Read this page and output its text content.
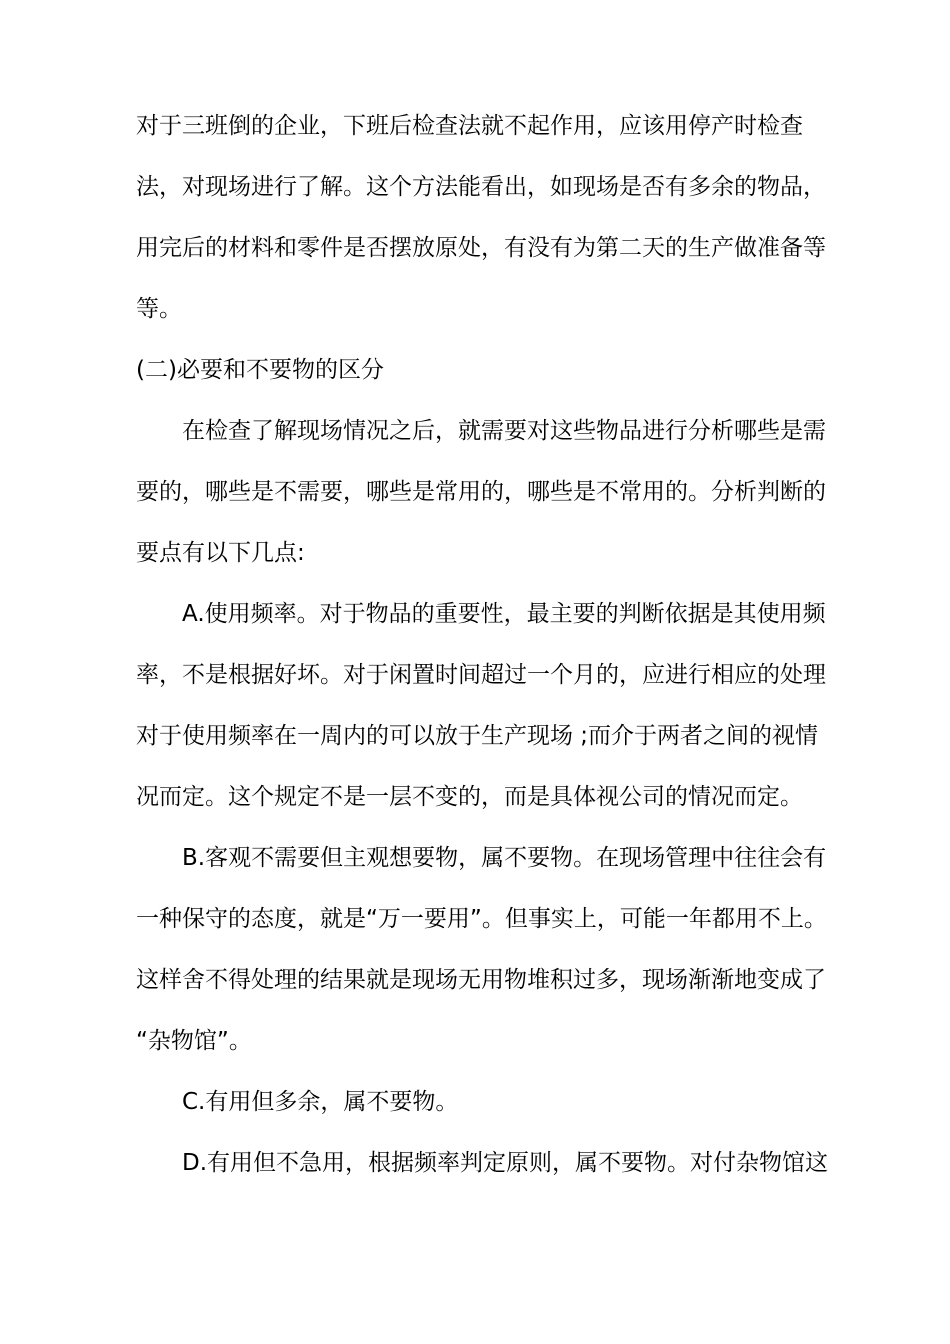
对于三班倒的企业，下班后检查法就不起作用，应该用停产时检查
法，对现场进行了解。这个方法能看出，如现场是否有多余的物品，
用完后的材料和零件是否摆放原处，有没有为第二天的生产做准备等
等。
(二)必要和不要物的区分
在检查了解现场情况之后，就需要对这些物品进行分析哪些是需
要的，哪些是不需要，哪些是常用的，哪些是不常用的。分析判断的
要点有以下几点:
A.使用频率。对于物品的重要性，最主要的判断依据是其使用频
率，不是根据好坏。对于闲置时间超过一个月的，应进行相应的处理
对于使用频率在一周内的可以放于生产现场 ;而介于两者之间的视情
况而定。这个规定不是一层不变的，而是具体视公司的情况而定。
B.客观不需要但主观想要物，属不要物。在现场管理中往往会有
一种保守的态度，就是“万一要用”。但事实上，可能一年都用不上。
这样舍不得处理的结果就是现场无用物堆积过多，现场渐渐地变成了
“杂物馆”。
C.有用但多余，属不要物。
D.有用但不急用，根据频率判定原则，属不要物。对付杂物馆这
